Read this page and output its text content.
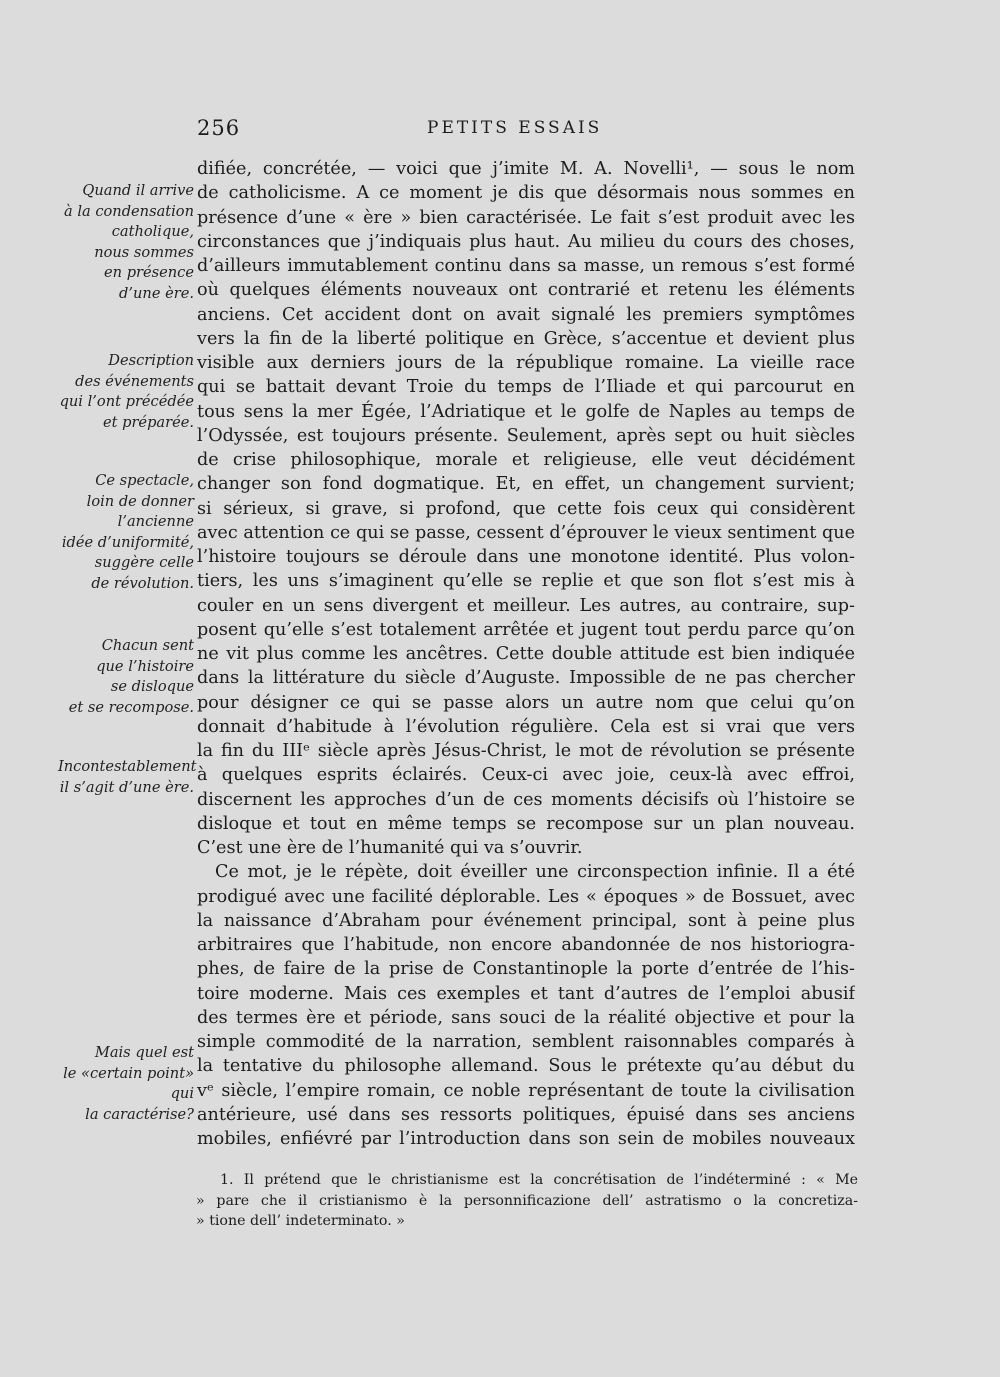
256	PETITS ESSAIS
Quand il arrive
à la condensation
catholique,
nous sommes
en présence
d’une ère.
Description
des événements
qui l’ont précédée
et préparée.
Ce spectacle,
loin de donner
l’ancienne
idée d’uniformité,
suggère celle
de révolution.
Chacun sent
que l’histoire
se disloque
et se recompose.
Incontestablement
il s’agit d’une ère.
Mais quel est
le «certain point»
qui
la caractérise?
difiée, concrétée, — voici que j’imite M. A. Novelli¹, — sous le nom
de catholicisme. A ce moment je dis que désormais nous sommes en
présence d’une « ère » bien caractérisée. Le fait s’est produit avec les
circonstances que j’indiquais plus haut. Au milieu du cours des choses,
d’ailleurs immutablement continu dans sa masse, un remous s’est formé
où quelques éléments nouveaux ont contrarié et retenu les éléments
anciens. Cet accident dont on avait signalé les premiers symptômes
vers la fin de la liberté politique en Grèce, s’accentue et devient plus
visible aux derniers jours de la république romaine. La vieille race
qui se battait devant Troie du temps de l’Iliade et qui parcourut en
tous sens la mer Égée, l’Adriatique et le golfe de Naples au temps de
l’Odyssée, est toujours présente. Seulement, après sept ou huit siècles
de crise philosophique, morale et religieuse, elle veut décidément
changer son fond dogmatique. Et, en effet, un changement survient;
si sérieux, si grave, si profond, que cette fois ceux qui considèrent
avec attention ce qui se passe, cessent d’éprouver le vieux sentiment que
l’histoire toujours se déroule dans une monotone identité. Plus volon-
tiers, les uns s’imaginent qu’elle se replie et que son flot s’est mis à
couler en un sens divergent et meilleur. Les autres, au contraire, sup-
posent qu’elle s’est totalement arrêtée et jugent tout perdu parce qu’on
ne vit plus comme les ancêtres. Cette double attitude est bien indiquée
dans la littérature du siècle d’Auguste. Impossible de ne pas chercher
pour désigner ce qui se passe alors un autre nom que celui qu’on
donnait d’habitude à l’évolution régulière. Cela est si vrai que vers
la fin du IIIᵉ siècle après Jésus-Christ, le mot de révolution se présente
à quelques esprits éclairés. Ceux-ci avec joie, ceux-là avec effroi,
discernent les approches d’un de ces moments décisifs où l’histoire se
disloque et tout en même temps se recompose sur un plan nouveau.
C’est une ère de l’humanité qui va s’ouvrir.
Ce mot, je le répète, doit éveiller une circonspection infinie. Il a été
prodigué avec une facilité déplorable. Les « époques » de Bossuet, avec
la naissance d’Abraham pour événement principal, sont à peine plus
arbitraires que l’habitude, non encore abandonnée de nos historiogra-
phes, de faire de la prise de Constantinople la porte d’entrée de l’his-
toire moderne. Mais ces exemples et tant d’autres de l’emploi abusif
des termes ère et période, sans souci de la réalité objective et pour la
simple commodité de la narration, semblent raisonnables comparés à
la tentative du philosophe allemand. Sous le prétexte qu’au début du
vᵉ siècle, l’empire romain, ce noble représentant de toute la civilisation
antérieure, usé dans ses ressorts politiques, épuisé dans ses anciens
mobiles, enfiévré par l’introduction dans son sein de mobiles nouveaux
1. Il prétend que le christianisme est la concrétisation de l’indéterminé : « Me
» pare che il cristianismo è la personnificazione dell’ astratismo o la concretiza-
» tione dell’ indeterminato. »
